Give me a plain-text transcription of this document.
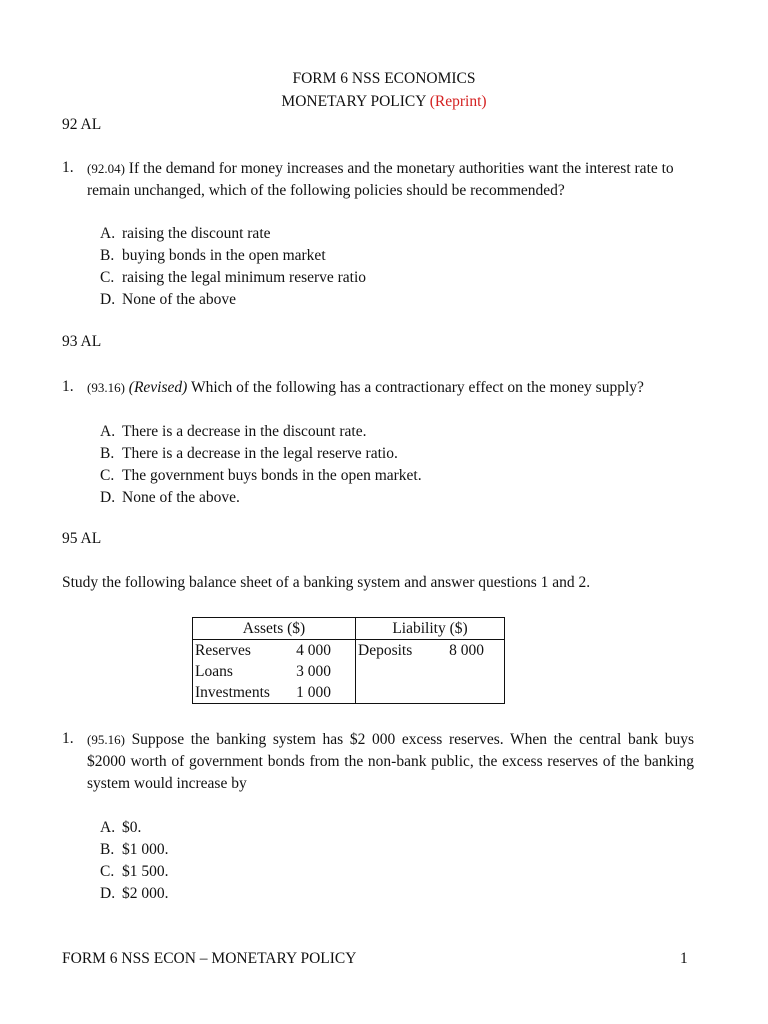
FORM 6 NSS ECONOMICS
MONETARY POLICY (Reprint)
92 AL
1. (92.04) If the demand for money increases and the monetary authorities want the interest rate to remain unchanged, which of the following policies should be recommended?
A. raising the discount rate
B. buying bonds in the open market
C. raising the legal minimum reserve ratio
D. None of the above
93 AL
1. (93.16) (Revised) Which of the following has a contractionary effect on the money supply?
A. There is a decrease in the discount rate.
B. There is a decrease in the legal reserve ratio.
C. The government buys bonds in the open market.
D. None of the above.
95 AL
Study the following balance sheet of a banking system and answer questions 1 and 2.
Assets ($)	Liability ($)

Reserves 4 000	Deposits 8 000

Loans 3 000	

Investments 1 000	

1. (95.16) Suppose the banking system has $2 000 excess reserves. When the central bank buys $2000 worth of government bonds from the non-bank public, the excess reserves of the banking system would increase by
A. $0.
B. $1 000.
C. $1 500.
D. $2 000.
FORM 6 NSS ECON – MONETARY POLICY	1
